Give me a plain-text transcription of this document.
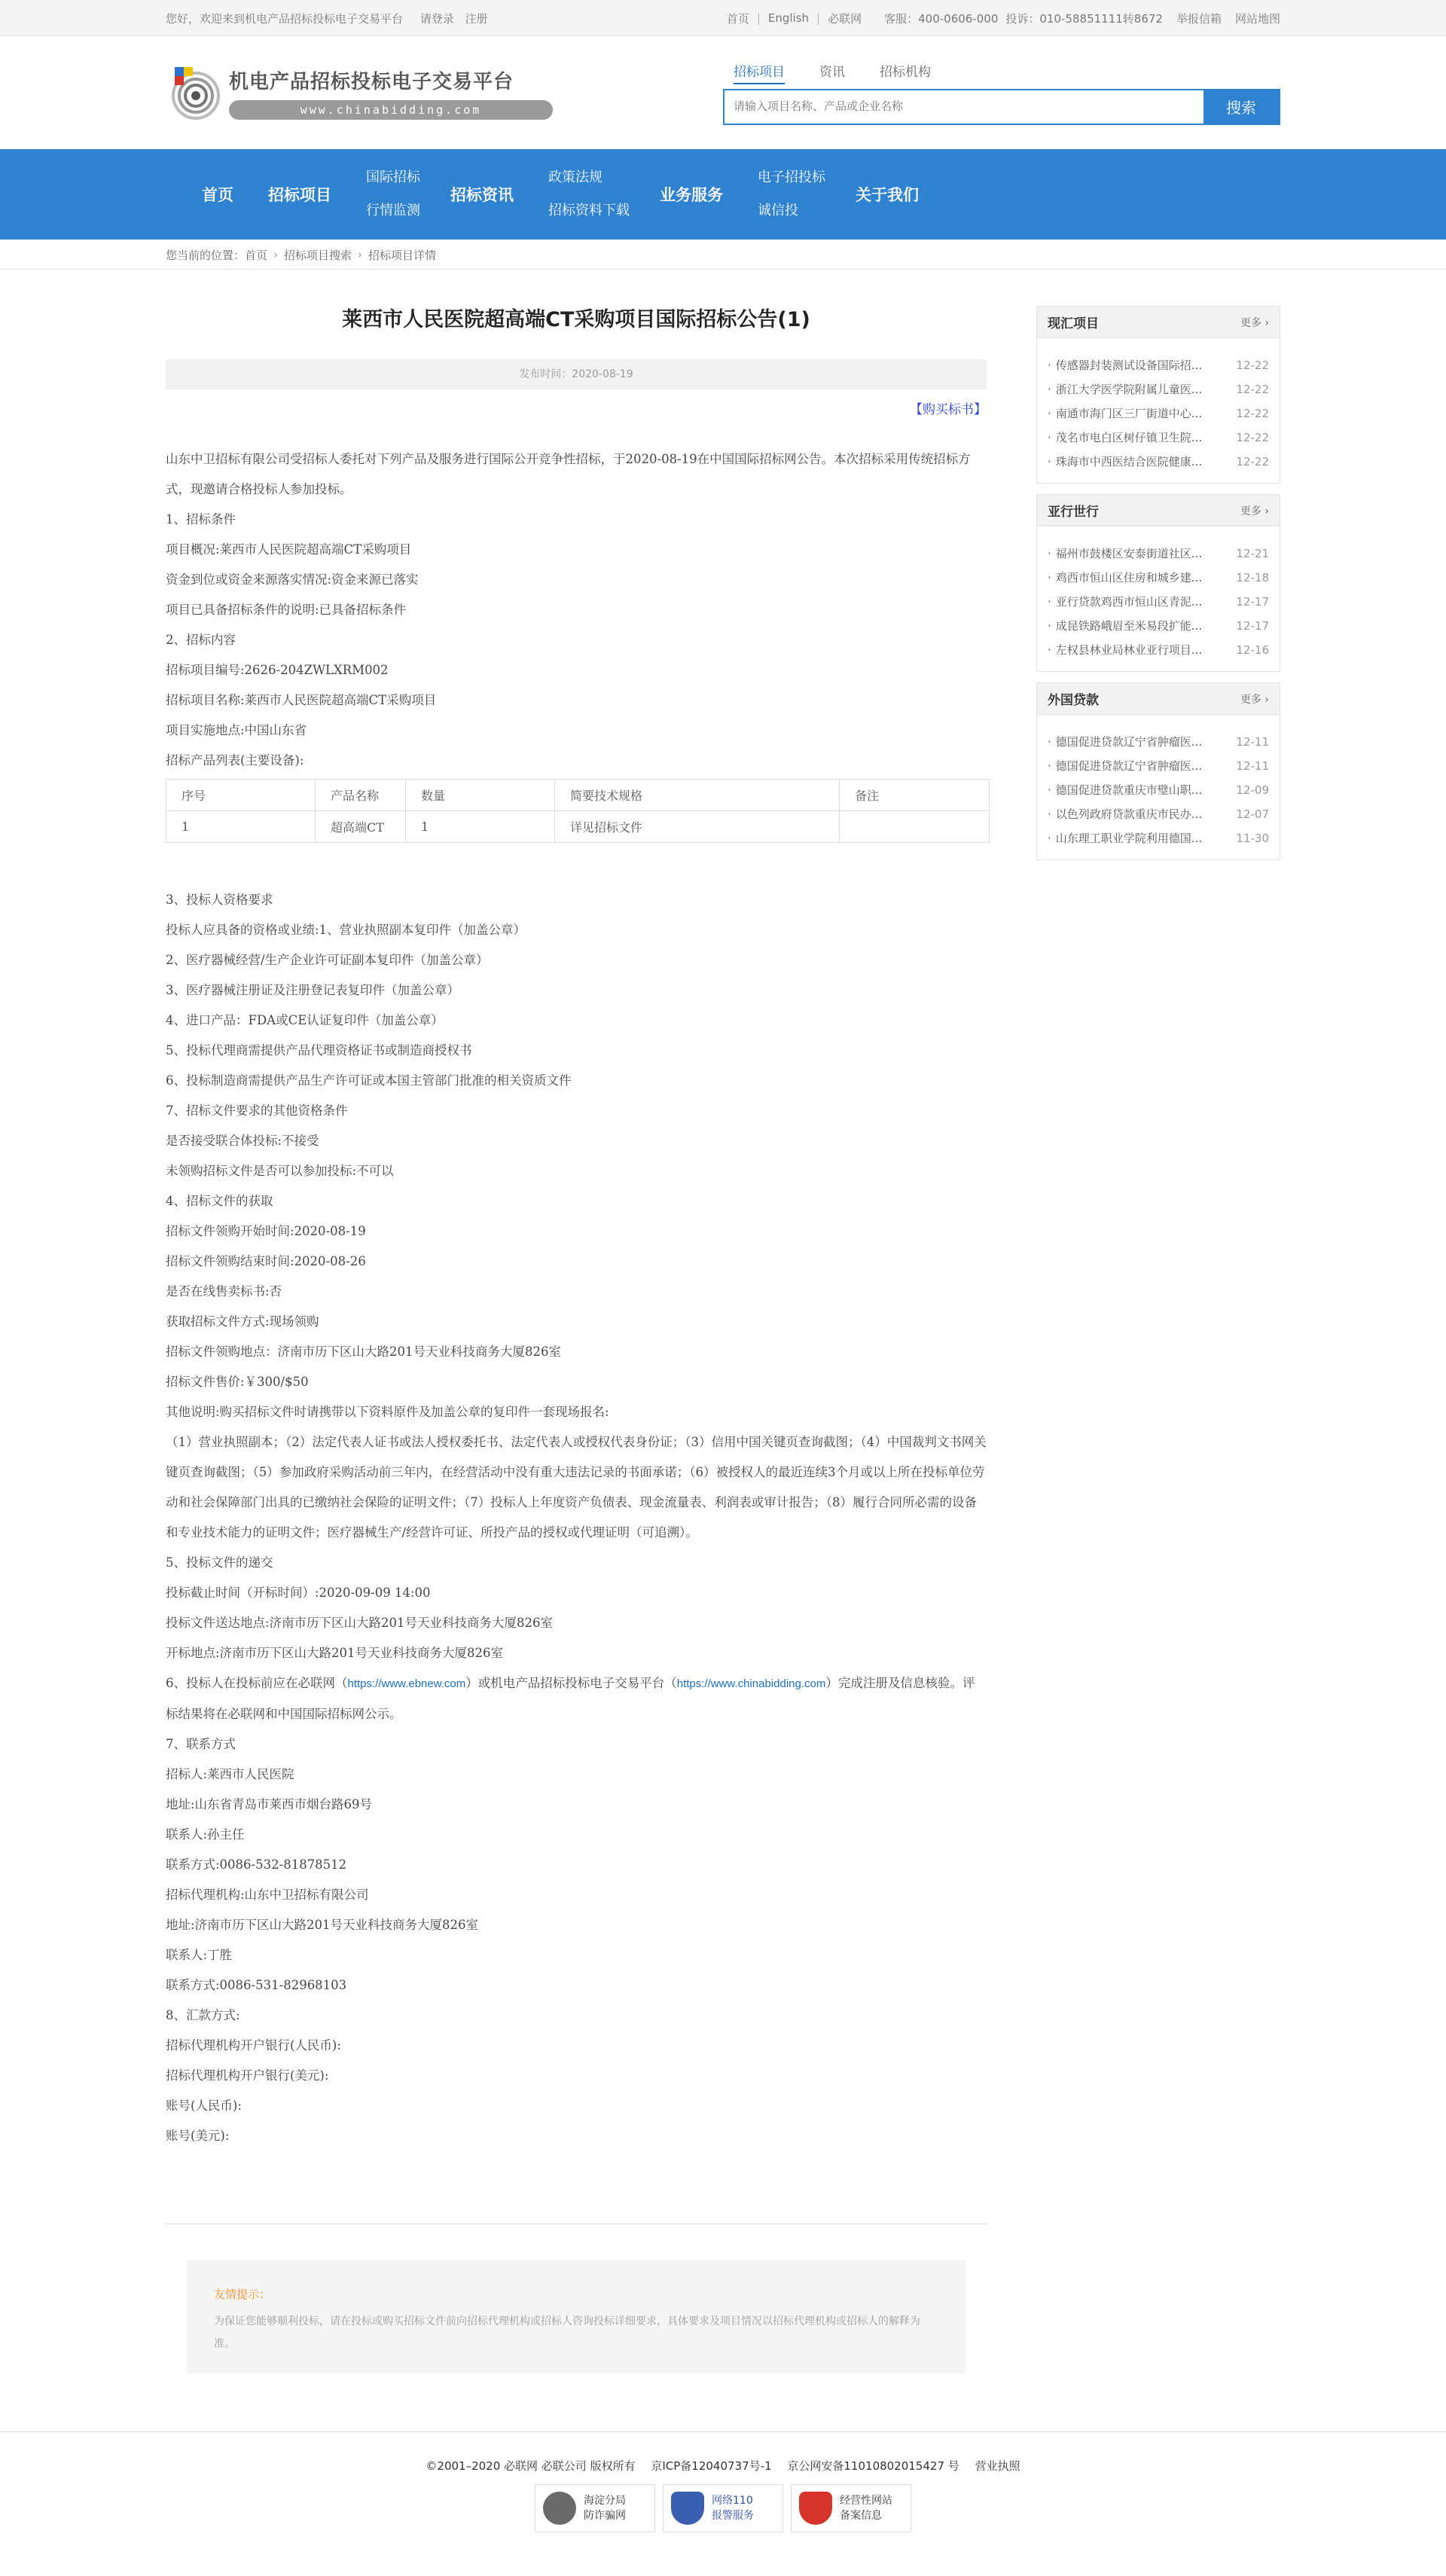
您好，欢迎来到机电产品招标投标电子交易平台 请登录 注册	首页 | English | 必联网 客服：400-0606-000 投诉：010-58851111转8672 举报信箱 网站地图
机电产品招标投标电子交易平台
www.chinabidding.com
招标项目	资讯	招标机构
请输入项目名称、产品或企业名称
搜索
首页 招标项目
国际招标
行情监测
招标资讯
政策法规
招标资料下载
业务服务
电子招投标
诚信投
关于我们
您当前的位置： 首页 › 招标项目搜索 › 招标项目详情
莱西市人民医院超高端CT采购项目国际招标公告(1)
发布时间：2020-08-19
【购买标书】

山东中卫招标有限公司受招标人委托对下列产品及服务进行国际公开竞争性招标，于2020-08-19在中国国际招标网公告。本次招标采用传统招标方式，现邀请合格投标人参加投标。

1、招标条件

项目概况:莱西市人民医院超高端CT采购项目

资金到位或资金来源落实情况:资金来源已落实

项目已具备招标条件的说明:已具备招标条件

2、招标内容

招标项目编号:2626-204ZWLXRM002

招标项目名称:莱西市人民医院超高端CT采购项目

项目实施地点:中国山东省

招标产品列表(主要设备):

序号	产品名称	数量	简要技术规格	备注
1	超高端CT	1	详见招标文件	

3、投标人资格要求

投标人应具备的资格或业绩:1、营业执照副本复印件（加盖公章）

2、医疗器械经营/生产企业许可证副本复印件（加盖公章）

3、医疗器械注册证及注册登记表复印件（加盖公章）

4、进口产品：FDA或CE认证复印件（加盖公章）

5、投标代理商需提供产品代理资格证书或制造商授权书

6、投标制造商需提供产品生产许可证或本国主管部门批准的相关资质文件

7、招标文件要求的其他资格条件

是否接受联合体投标:不接受

未领购招标文件是否可以参加投标:不可以

4、招标文件的获取

招标文件领购开始时间:2020-08-19

招标文件领购结束时间:2020-08-26

是否在线售卖标书:否

获取招标文件方式:现场领购

招标文件领购地点：济南市历下区山大路201号天业科技商务大厦826室

招标文件售价:￥300/$50

其他说明:购买招标文件时请携带以下资料原件及加盖公章的复印件一套现场报名:

（1）营业执照副本；（2）法定代表人证书或法人授权委托书、法定代表人或授权代表身份证；（3）信用中国关键页查询截图；（4）中国裁判文书网关键页查询截图；（5）参加政府采购活动前三年内，在经营活动中没有重大违法记录的书面承诺；（6）被授权人的最近连续3个月或以上所在投标单位劳动和社会保障部门出具的已缴纳社会保险的证明文件；（7）投标人上年度资产负债表、现金流量表、利润表或审计报告；（8）履行合同所必需的设备和专业技术能力的证明文件；医疗器械生产/经营许可证、所投产品的授权或代理证明（可追溯）。

5、投标文件的递交

投标截止时间（开标时间）:2020-09-09 14:00

投标文件送达地点:济南市历下区山大路201号天业科技商务大厦826室

开标地点:济南市历下区山大路201号天业科技商务大厦826室

6、投标人在投标前应在必联网（https://www.ebnew.com）或机电产品招标投标电子交易平台（https://www.chinabidding.com）完成注册及信息核验。评标结果将在必联网和中国国际招标网公示。

7、联系方式

招标人:莱西市人民医院

地址:山东省青岛市莱西市烟台路69号

联系人:孙主任

联系方式:0086-532-81878512

招标代理机构:山东中卫招标有限公司

地址:济南市历下区山大路201号天业科技商务大厦826室

联系人:丁胜

联系方式:0086-531-82968103

8、汇款方式:

招标代理机构开户银行(人民币):

招标代理机构开户银行(美元):

账号(人民币):

账号(美元):

友情提示：
为保证您能够顺利投标，请在投标或购买招标文件前向招标代理机构或招标人咨询投标详细要求，具体要求及项目情况以招标代理机构或招标人的解释为准。
现汇项目	更多 ›
· 传感器封装测试设备国际招...	12-22
· 浙江大学医学院附属儿童医...	12-22
· 南通市海门区三厂街道中心...	12-22
· 茂名市电白区树仔镇卫生院...	12-22
· 珠海市中西医结合医院健康...	12-22
亚行世行	更多 ›
· 福州市鼓楼区安泰街道社区...	12-21
· 鸡西市恒山区住房和城乡建...	12-18
· 亚行贷款鸡西市恒山区青泥...	12-17
· 成昆铁路峨眉至米易段扩能...	12-17
· 左权县林业局林业亚行项目...	12-16
外国贷款	更多 ›
· 德国促进贷款辽宁省肿瘤医...	12-11
· 德国促进贷款辽宁省肿瘤医...	12-11
· 德国促进贷款重庆市璧山职...	12-09
· 以色列政府贷款重庆市民办...	12-07
· 山东理工职业学院利用德国...	11-30
©2001–2020 必联网 必联公司 版权所有 京ICP备12040737号-1 京公网安备11010802015427 号 营业执照
海淀分局
防诈骗网
网络110
报警服务
经营性网站
备案信息
